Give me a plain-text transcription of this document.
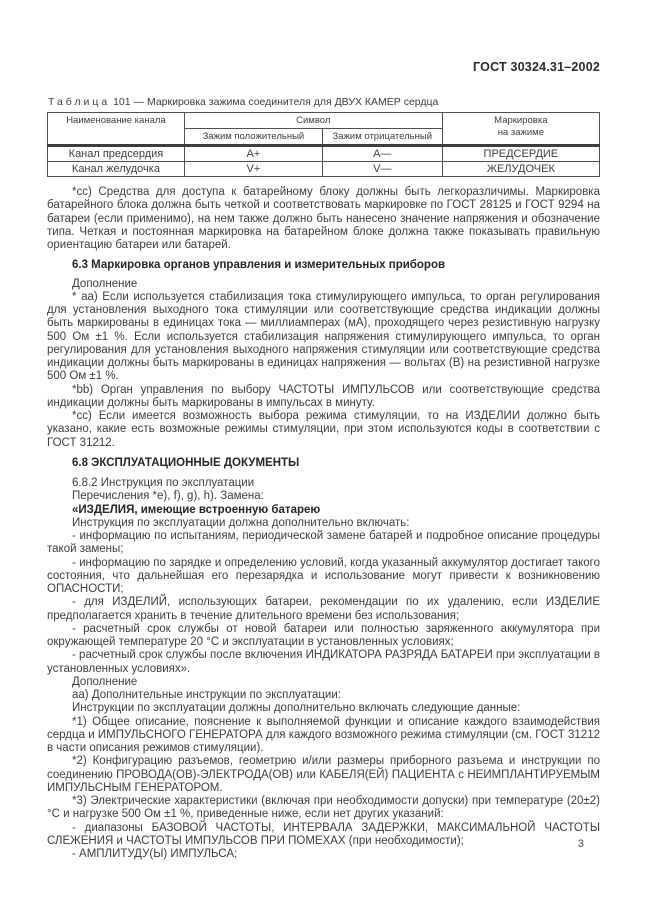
ГОСТ 30324.31–2002
Таблица 101 — Маркировка зажима соединителя для ДВУХ КАМЕР сердца
Наименование канала	Символ		Маркировка
на зажиме
	Зажим положительный	Зажим отрицательный	
Канал предсердия	A+	A—	ПРЕДСЕРДИЕ
Канал желудочка	V+	V—	ЖЕЛУДОЧЕК

*cc) Средства для доступа к батарейному блоку должны быть легкоразличимы. Маркировка батарейного блока должна быть четкой и соответствовать маркировке по ГОСТ 28125 и ГОСТ 9294 на батареи (если применимо), на нем также должно быть нанесено значение напряжения и обозначение типа. Четкая и постоянная маркировка на батарейном блоке должна также показывать правильную ориентацию батареи или батарей.

6.3 Маркировка органов управления и измерительных приборов

Дополнение

* aa) Если используется стабилизация тока стимулирующего импульса, то орган регулирования для установления выходного тока стимуляции или соответствующие средства индикации должны быть маркированы в единицах тока — миллиамперах (мА), проходящего через резистивную нагрузку 500 Ом ±1 %. Если используется стабилизация напряжения стимулирующего импульса, то орган регулирования для установления выходного напряжения стимуляции или соответствующие средства индикации должны быть маркированы в единицах напряжения — вольтах (В) на резистивной нагрузке 500 Ом ±1 %.

*bb) Орган управления по выбору ЧАСТОТЫ ИМПУЛЬСОВ или соответствующие средства индикации должны быть маркированы в импульсах в минуту.

*cc) Если имеется возможность выбора режима стимуляции, то на ИЗДЕЛИИ должно быть указано, какие есть возможные режимы стимуляции, при этом используются коды в соответствии с ГОСТ 31212.

6.8 ЭКСПЛУАТАЦИОННЫЕ ДОКУМЕНТЫ

6.8.2 Инструкция по эксплуатации

Перечисления *e), f), g), h). Замена:

«ИЗДЕЛИЯ, имеющие встроенную батарею

Инструкция по эксплуатации должна дополнительно включать:

- информацию по испытаниям, периодической замене батарей и подробное описание процедуры такой замены;

- информацию по зарядке и определению условий, когда указанный аккумулятор достигает такого состояния, что дальнейшая его перезарядка и использование могут привести к возникновению ОПАСНОСТИ;

- для ИЗДЕЛИЙ, использующих батареи, рекомендации по их удалению, если ИЗДЕЛИЕ предполагается хранить в течение длительного времени без использования;

- расчетный срок службы от новой батареи или полностью заряженного аккумулятора при окружающей температуре 20 °С и эксплуатации в установленных условиях;

- расчетный срок службы после включения ИНДИКАТОРА РАЗРЯДА БАТАРЕИ при эксплуатации в установленных условиях».

Дополнение

aa) Дополнительные инструкции по эксплуатации:

Инструкции по эксплуатации должны дополнительно включать следующие данные:

*1) Общее описание, пояснение к выполняемой функции и описание каждого взаимодействия сердца и ИМПУЛЬСНОГО ГЕНЕРАТОРА для каждого возможного режима стимуляции (см. ГОСТ 31212 в части описания режимов стимуляции).

*2) Конфигурацию разъемов, геометрию и/или размеры приборного разъема и инструкции по соединению ПРОВОДА(ОВ)-ЭЛЕКТРОДА(ОВ) или КАБЕЛЯ(ЕЙ) ПАЦИЕНТА с НЕИМПЛАНТИРУЕМЫМ ИМПУЛЬСНЫМ ГЕНЕРАТОРОМ.

*3) Электрические характеристики (включая при необходимости допуски) при температуре (20±2) °С и нагрузке 500 Ом ±1 %, приведенные ниже, если нет других указаний:

- диапазоны БАЗОВОЙ ЧАСТОТЫ, ИНТЕРВАЛА ЗАДЕРЖКИ, МАКСИМАЛЬНОЙ ЧАСТОТЫ СЛЕЖЕНИЯ и ЧАСТОТЫ ИМПУЛЬСОВ ПРИ ПОМЕХАХ (при необходимости);

- АМПЛИТУДУ(Ы) ИМПУЛЬСА;

3
